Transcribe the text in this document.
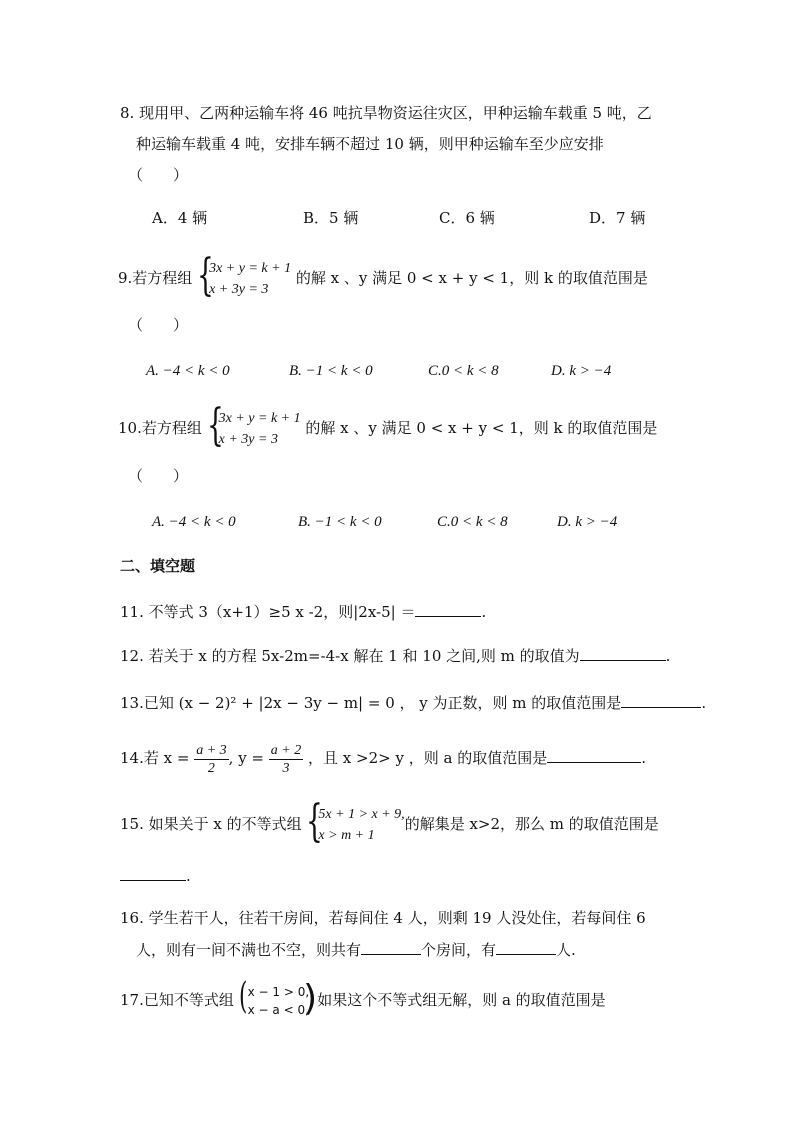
8. 现用甲、乙两种运输车将 46 吨抗旱物资运往灾区，甲种运输车载重 5 吨，乙
种运输车载重 4 吨，安排车辆不超过 10 辆，则甲种运输车至少应安排
（　　）
A．4 辆	B．5 辆	C．6 辆	D．7 辆
9.若方程组 {
3x + y = k + 1
x + 3y = 3
的解 x 、y 满足 0 < x + y < 1，则 k 的取值范围是
（　　）
A. −4 < k < 0	B. −1 < k < 0	C.0 < k < 8	D. k > −4
10.若方程组 {
3x + y = k + 1
x + 3y = 3
的解 x 、y 满足 0 < x + y < 1，则 k 的取值范围是
（　　）
A. −4 < k < 0	B. −1 < k < 0	C.0 < k < 8	D. k > −4
二、填空题
11. 不等式 3（x+1）≥5 x -2，则|2x-5| ＝	.
12. 若关于 x 的方程 5x-2m=-4-x 解在 1 和 10 之间,则 m 的取值为	.
13.已知 (x − 2)² + |2x − 3y − m| = 0 ， y 为正数，则 m 的取值范围是	.
14.若 $x = \frac{a + 3}{2}$ , $y = \frac{a + 2}{3}$ ，且 x >2> y ，则 a 的取值范围是	.
15. 如果关于 x 的不等式组 {
5x + 1 > x + 9,
x > m + 1
的解集是 x>2，那么 m 的取值范围是
.
16. 学生若干人，往若干房间，若每间住 4 人，则剩 19 人没处住，若每间住 6
人，则有一间不满也不空，则共有	个房间，有	人.
17.已知不等式组 ( x − 1 > 0,
x − a < 0,
) 如果这个不等式组无解，则 a 的取值范围是
